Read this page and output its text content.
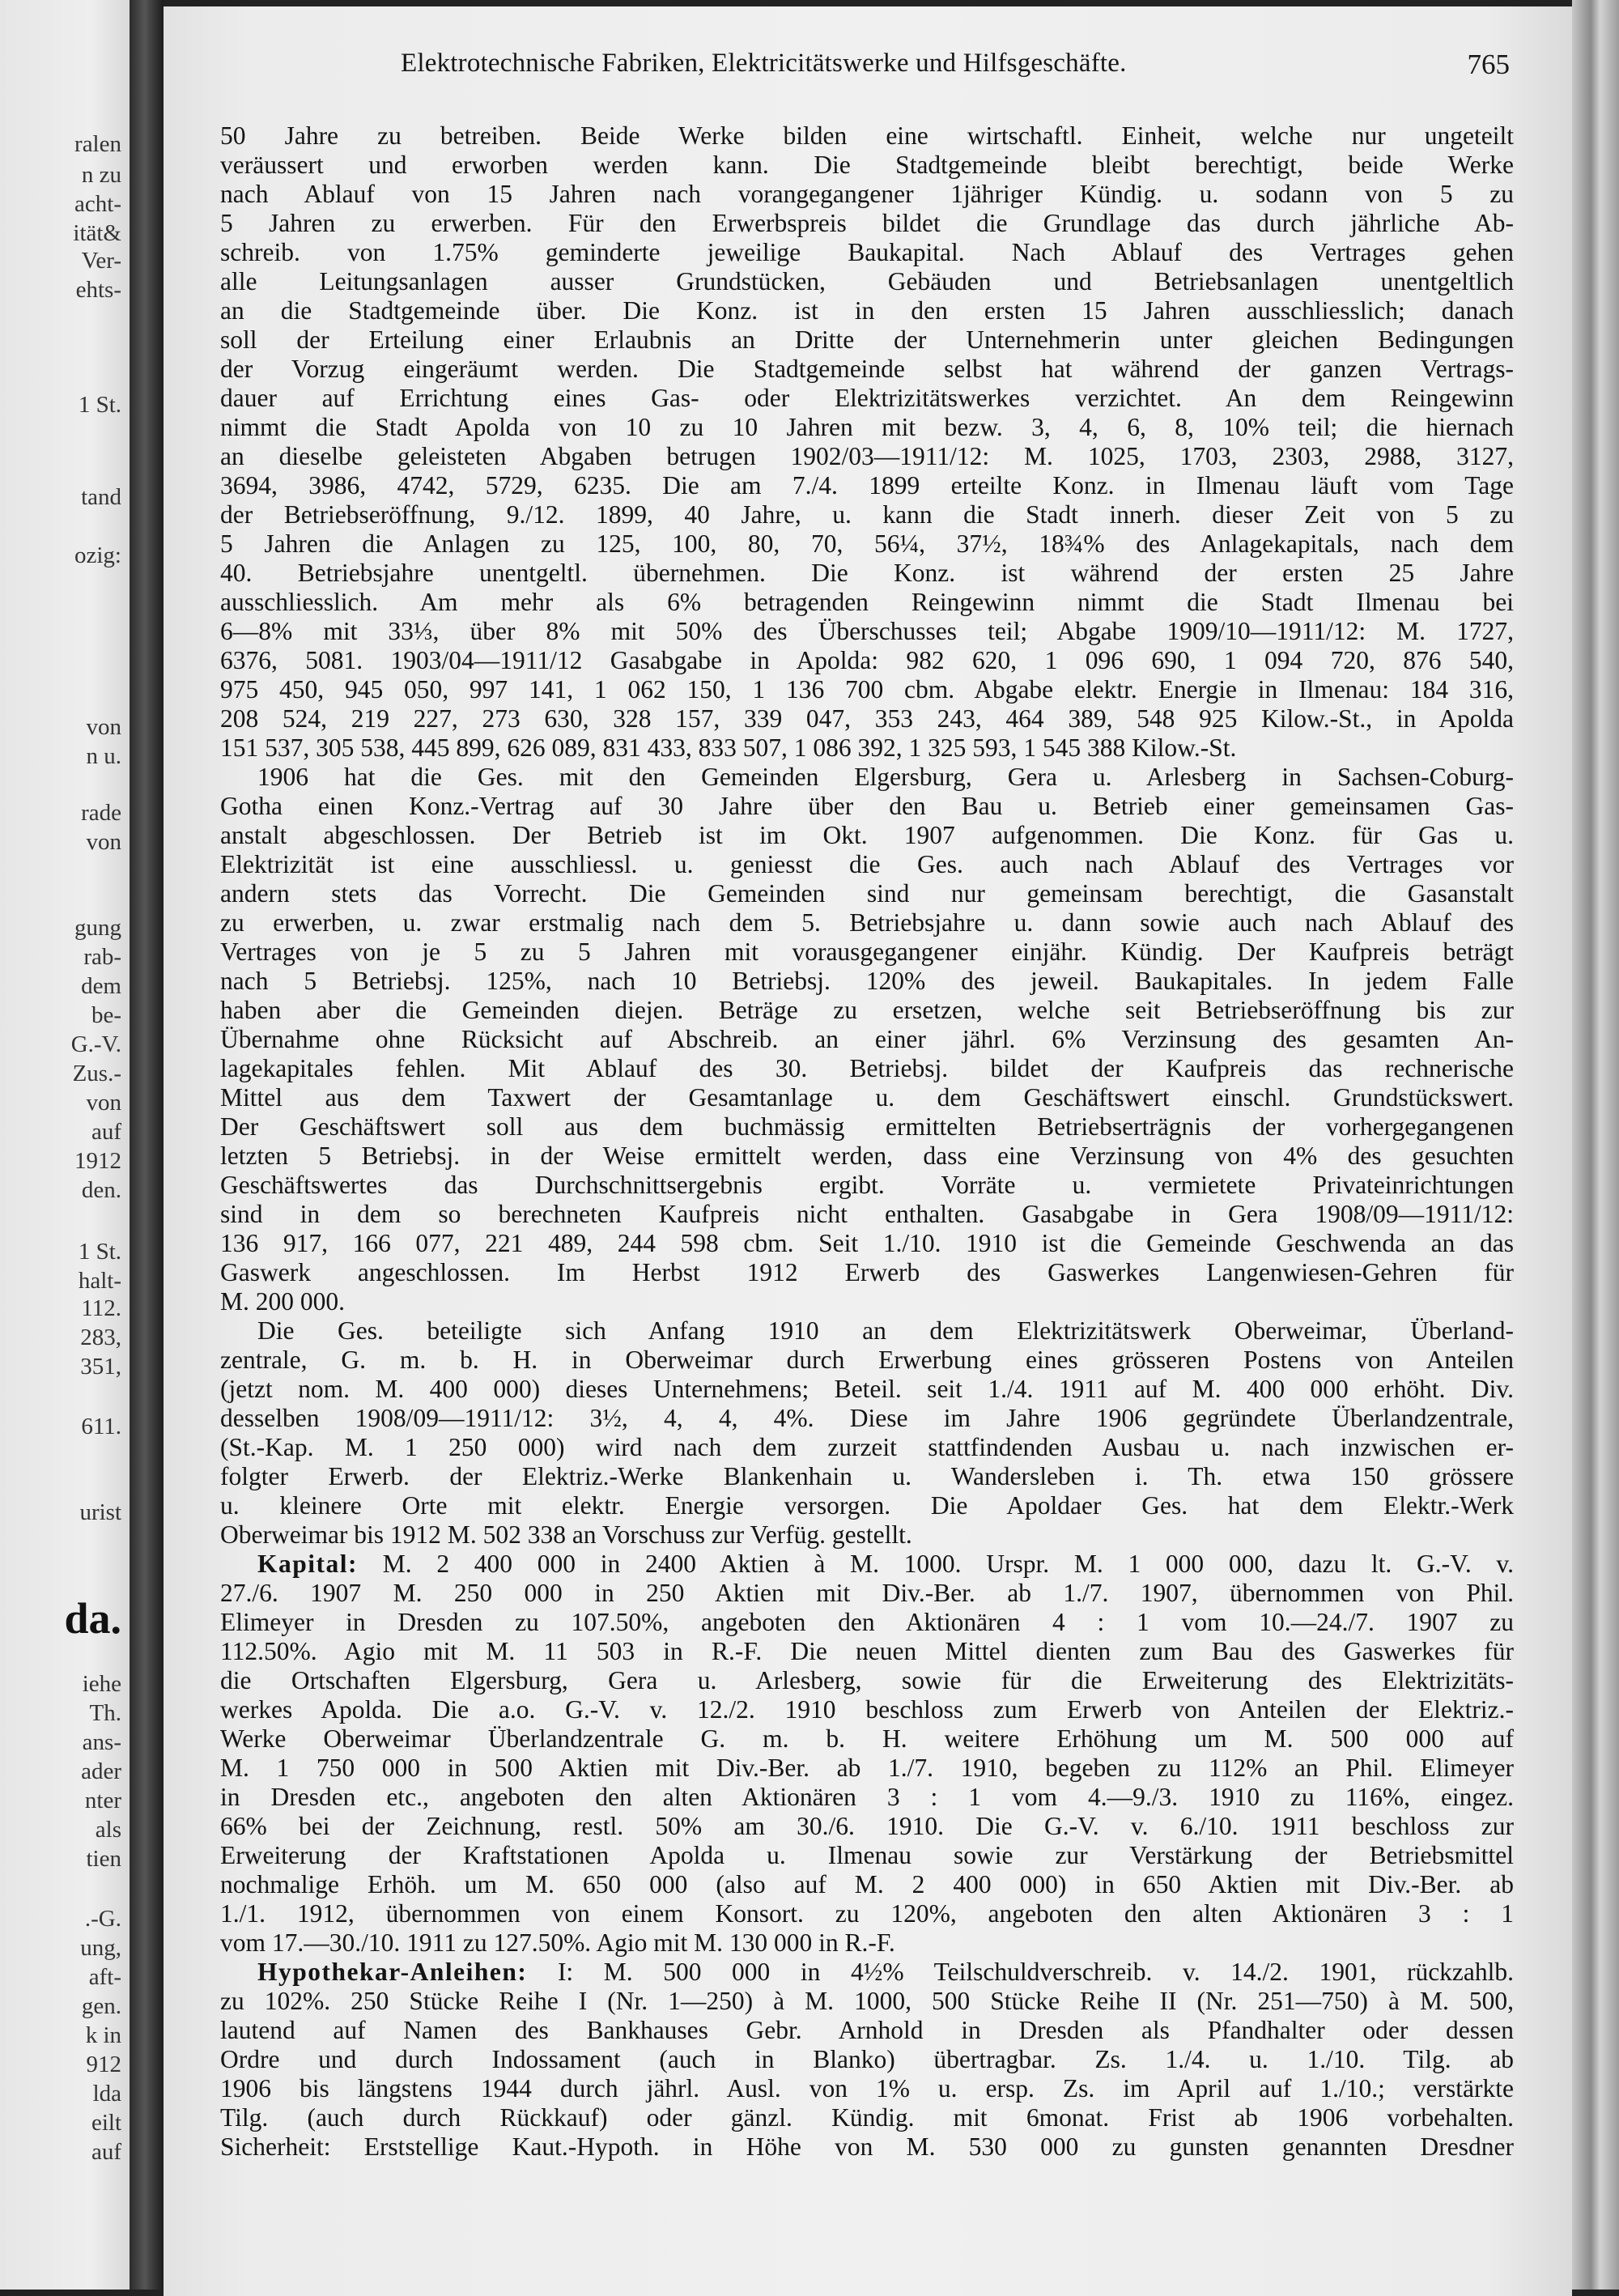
ralen

n zu

acht-

ität&

Ver-

ehts-

1 St.

tand

ozig:

von

n u.

rade

von

gung

rab-

dem

be-

G.-V.

Zus.-

von

auf

1912

den.

1 St.

halt-

112.

283,

351,

611.

urist

da.

iehe

Th.

ans-

ader

nter

als

tien

.-G.

ung,

aft-

gen.

k in

912

lda

eilt

auf

Elektrotechnische Fabriken, Elektricitätswerke und Hilfsgeschäfte.	765

50 Jahre zu betreiben. Beide Werke bilden eine wirtschaftl. Einheit, welche nur ungeteilt
veräussert und erworben werden kann. Die Stadtgemeinde bleibt berechtigt, beide Werke
nach Ablauf von 15 Jahren nach vorangegangener 1jähriger Kündig. u. sodann von 5 zu
5 Jahren zu erwerben. Für den Erwerbspreis bildet die Grundlage das durch jährliche Ab-
schreib. von 1.75% geminderte jeweilige Baukapital. Nach Ablauf des Vertrages gehen
alle Leitungsanlagen ausser Grundstücken, Gebäuden und Betriebsanlagen unentgeltlich
an die Stadtgemeinde über. Die Konz. ist in den ersten 15 Jahren ausschliesslich; danach
soll der Erteilung einer Erlaubnis an Dritte der Unternehmerin unter gleichen Bedingungen
der Vorzug eingeräumt werden. Die Stadtgemeinde selbst hat während der ganzen Vertrags-
dauer auf Errichtung eines Gas- oder Elektrizitätswerkes verzichtet. An dem Reingewinn
nimmt die Stadt Apolda von 10 zu 10 Jahren mit bezw. 3, 4, 6, 8, 10% teil; die hiernach
an dieselbe geleisteten Abgaben betrugen 1902/03—1911/12: M. 1025, 1703, 2303, 2988, 3127,
3694, 3986, 4742, 5729, 6235. Die am 7./4. 1899 erteilte Konz. in Ilmenau läuft vom Tage
der Betriebseröffnung, 9./12. 1899, 40 Jahre, u. kann die Stadt innerh. dieser Zeit von 5 zu
5 Jahren die Anlagen zu 125, 100, 80, 70, 56¼, 37½, 18¾% des Anlagekapitals, nach dem
40. Betriebsjahre unentgeltl. übernehmen. Die Konz. ist während der ersten 25 Jahre
ausschliesslich. Am mehr als 6% betragenden Reingewinn nimmt die Stadt Ilmenau bei
6—8% mit 33⅓, über 8% mit 50% des Überschusses teil; Abgabe 1909/10—1911/12: M. 1727,
6376, 5081. 1903/04—1911/12 Gasabgabe in Apolda: 982 620, 1 096 690, 1 094 720, 876 540,
975 450, 945 050, 997 141, 1 062 150, 1 136 700 cbm. Abgabe elektr. Energie in Ilmenau: 184 316,
208 524, 219 227, 273 630, 328 157, 339 047, 353 243, 464 389, 548 925 Kilow.-St., in Apolda
151 537, 305 538, 445 899, 626 089, 831 433, 833 507, 1 086 392, 1 325 593, 1 545 388 Kilow.-St.

1906 hat die Ges. mit den Gemeinden Elgersburg, Gera u. Arlesberg in Sachsen-Coburg-
Gotha einen Konz.-Vertrag auf 30 Jahre über den Bau u. Betrieb einer gemeinsamen Gas-
anstalt abgeschlossen. Der Betrieb ist im Okt. 1907 aufgenommen. Die Konz. für Gas u.
Elektrizität ist eine ausschliessl. u. geniesst die Ges. auch nach Ablauf des Vertrages vor
andern stets das Vorrecht. Die Gemeinden sind nur gemeinsam berechtigt, die Gasanstalt
zu erwerben, u. zwar erstmalig nach dem 5. Betriebsjahre u. dann sowie auch nach Ablauf des
Vertrages von je 5 zu 5 Jahren mit vorausgegangener einjähr. Kündig. Der Kaufpreis beträgt
nach 5 Betriebsj. 125%, nach 10 Betriebsj. 120% des jeweil. Baukapitales. In jedem Falle
haben aber die Gemeinden diejen. Beträge zu ersetzen, welche seit Betriebseröffnung bis zur
Übernahme ohne Rücksicht auf Abschreib. an einer jährl. 6% Verzinsung des gesamten An-
lagekapitales fehlen. Mit Ablauf des 30. Betriebsj. bildet der Kaufpreis das rechnerische
Mittel aus dem Taxwert der Gesamtanlage u. dem Geschäftswert einschl. Grundstückswert.
Der Geschäftswert soll aus dem buchmässig ermittelten Betriebserträgnis der vorhergegangenen
letzten 5 Betriebsj. in der Weise ermittelt werden, dass eine Verzinsung von 4% des gesuchten
Geschäftswertes das Durchschnittsergebnis ergibt. Vorräte u. vermietete Privateinrichtungen
sind in dem so berechneten Kaufpreis nicht enthalten. Gasabgabe in Gera 1908/09—1911/12:
136 917, 166 077, 221 489, 244 598 cbm. Seit 1./10. 1910 ist die Gemeinde Geschwenda an das
Gaswerk angeschlossen. Im Herbst 1912 Erwerb des Gaswerkes Langenwiesen-Gehren für
M. 200 000.

Die Ges. beteiligte sich Anfang 1910 an dem Elektrizitätswerk Oberweimar, Überland-
zentrale, G. m. b. H. in Oberweimar durch Erwerbung eines grösseren Postens von Anteilen
(jetzt nom. M. 400 000) dieses Unternehmens; Beteil. seit 1./4. 1911 auf M. 400 000 erhöht. Div.
desselben 1908/09—1911/12: 3½, 4, 4, 4%. Diese im Jahre 1906 gegründete Überlandzentrale,
(St.-Kap. M. 1 250 000) wird nach dem zurzeit stattfindenden Ausbau u. nach inzwischen er-
folgter Erwerb. der Elektriz.-Werke Blankenhain u. Wandersleben i. Th. etwa 150 grössere
u. kleinere Orte mit elektr. Energie versorgen. Die Apoldaer Ges. hat dem Elektr.-Werk
Oberweimar bis 1912 M. 502 338 an Vorschuss zur Verfüg. gestellt.

Kapital: M. 2 400 000 in 2400 Aktien à M. 1000. Urspr. M. 1 000 000, dazu lt. G.-V. v.
27./6. 1907 M. 250 000 in 250 Aktien mit Div.-Ber. ab 1./7. 1907, übernommen von Phil.
Elimeyer in Dresden zu 107.50%, angeboten den Aktionären 4 : 1 vom 10.—24./7. 1907 zu
112.50%. Agio mit M. 11 503 in R.-F. Die neuen Mittel dienten zum Bau des Gaswerkes für
die Ortschaften Elgersburg, Gera u. Arlesberg, sowie für die Erweiterung des Elektrizitäts-
werkes Apolda. Die a.o. G.-V. v. 12./2. 1910 beschloss zum Erwerb von Anteilen der Elektriz.-
Werke Oberweimar Überlandzentrale G. m. b. H. weitere Erhöhung um M. 500 000 auf
M. 1 750 000 in 500 Aktien mit Div.-Ber. ab 1./7. 1910, begeben zu 112% an Phil. Elimeyer
in Dresden etc., angeboten den alten Aktionären 3 : 1 vom 4.—9./3. 1910 zu 116%, eingez.
66% bei der Zeichnung, restl. 50% am 30./6. 1910. Die G.-V. v. 6./10. 1911 beschloss zur
Erweiterung der Kraftstationen Apolda u. Ilmenau sowie zur Verstärkung der Betriebsmittel
nochmalige Erhöh. um M. 650 000 (also auf M. 2 400 000) in 650 Aktien mit Div.-Ber. ab
1./1. 1912, übernommen von einem Konsort. zu 120%, angeboten den alten Aktionären 3 : 1
vom 17.—30./10. 1911 zu 127.50%. Agio mit M. 130 000 in R.-F.

Hypothekar-Anleihen: I: M. 500 000 in 4½% Teilschuldverschreib. v. 14./2. 1901, rückzahlb.
zu 102%. 250 Stücke Reihe I (Nr. 1—250) à M. 1000, 500 Stücke Reihe II (Nr. 251—750) à M. 500,
lautend auf Namen des Bankhauses Gebr. Arnhold in Dresden als Pfandhalter oder dessen
Ordre und durch Indossament (auch in Blanko) übertragbar. Zs. 1./4. u. 1./10. Tilg. ab
1906 bis längstens 1944 durch jährl. Ausl. von 1% u. ersp. Zs. im April auf 1./10.; verstärkte
Tilg. (auch durch Rückkauf) oder gänzl. Kündig. mit 6monat. Frist ab 1906 vorbehalten.
Sicherheit: Erststellige Kaut.-Hypoth. in Höhe von M. 530 000 zu gunsten genannten Dresdner
